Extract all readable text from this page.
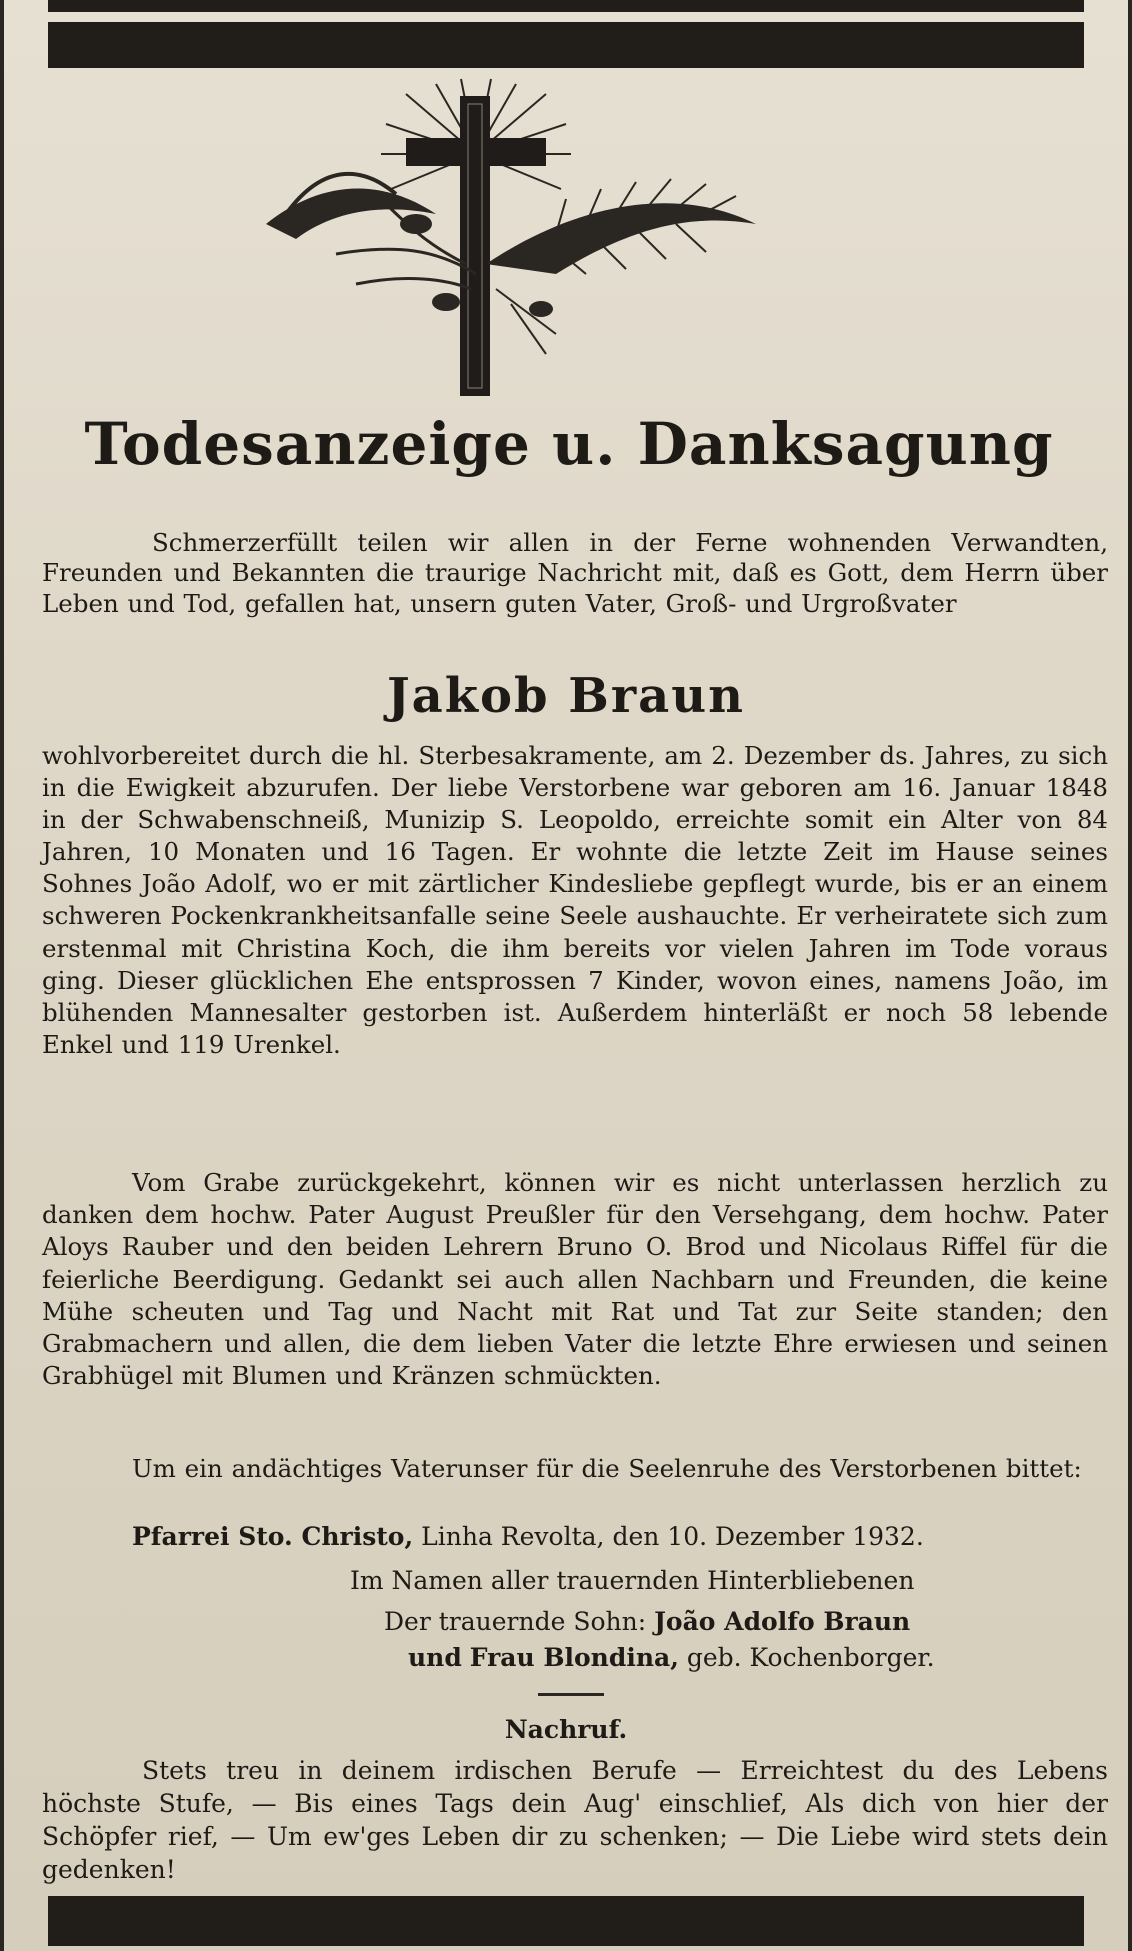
Todesanzeige u. Danksagung

Schmerzerfüllt teilen wir allen in der Ferne wohnenden Verwandten, Freunden und Bekannten die traurige Nachricht mit, daß es Gott, dem Herrn über Leben und Tod, gefallen hat, unsern guten Vater, Groß- und Urgroßvater

Jakob Braun

wohlvorbereitet durch die hl. Sterbesakramente, am 2. Dezember ds. Jahres, zu sich in die Ewigkeit abzurufen. Der liebe Verstorbene war geboren am 16. Januar 1848 in der Schwabenschneiß, Munizip S. Leopoldo, erreichte somit ein Alter von 84 Jahren, 10 Monaten und 16 Tagen. Er wohnte die letzte Zeit im Hause seines Sohnes João Adolf, wo er mit zärtlicher Kindesliebe gepflegt wurde, bis er an einem schweren Pockenkrankheitsanfalle seine Seele aushauchte. Er verheiratete sich zum erstenmal mit Christina Koch, die ihm bereits vor vielen Jahren im Tode voraus ging. Dieser glücklichen Ehe entsprossen 7 Kinder, wovon eines, namens João, im blühenden Mannesalter gestorben ist. Außerdem hinterläßt er noch 58 lebende Enkel und 119 Urenkel.

Vom Grabe zurückgekehrt, können wir es nicht unterlassen herzlich zu danken dem hochw. Pater August Preußler für den Versehgang, dem hochw. Pater Aloys Rauber und den beiden Lehrern Bruno O. Brod und Nicolaus Riffel für die feierliche Beerdigung. Gedankt sei auch allen Nachbarn und Freunden, die keine Mühe scheuten und Tag und Nacht mit Rat und Tat zur Seite standen; den Grabmachern und allen, die dem lieben Vater die letzte Ehre erwiesen und seinen Grabhügel mit Blumen und Kränzen schmückten.

Um ein andächtiges Vaterunser für die Seelenruhe des Verstorbenen bittet:

Pfarrei Sto. Christo, Linha Revolta, den 10. Dezember 1932.
Im Namen aller trauernden Hinterbliebenen
Der trauernde Sohn: João Adolfo Braun
und Frau Blondina, geb. Kochenborger.
Nachruf.

Stets treu in deinem irdischen Berufe — Erreichtest du des Lebens höchste Stufe, — Bis eines Tags dein Aug' einschlief, Als dich von hier der Schöpfer rief, — Um ew'ges Leben dir zu schenken; — Die Liebe wird stets dein gedenken!
